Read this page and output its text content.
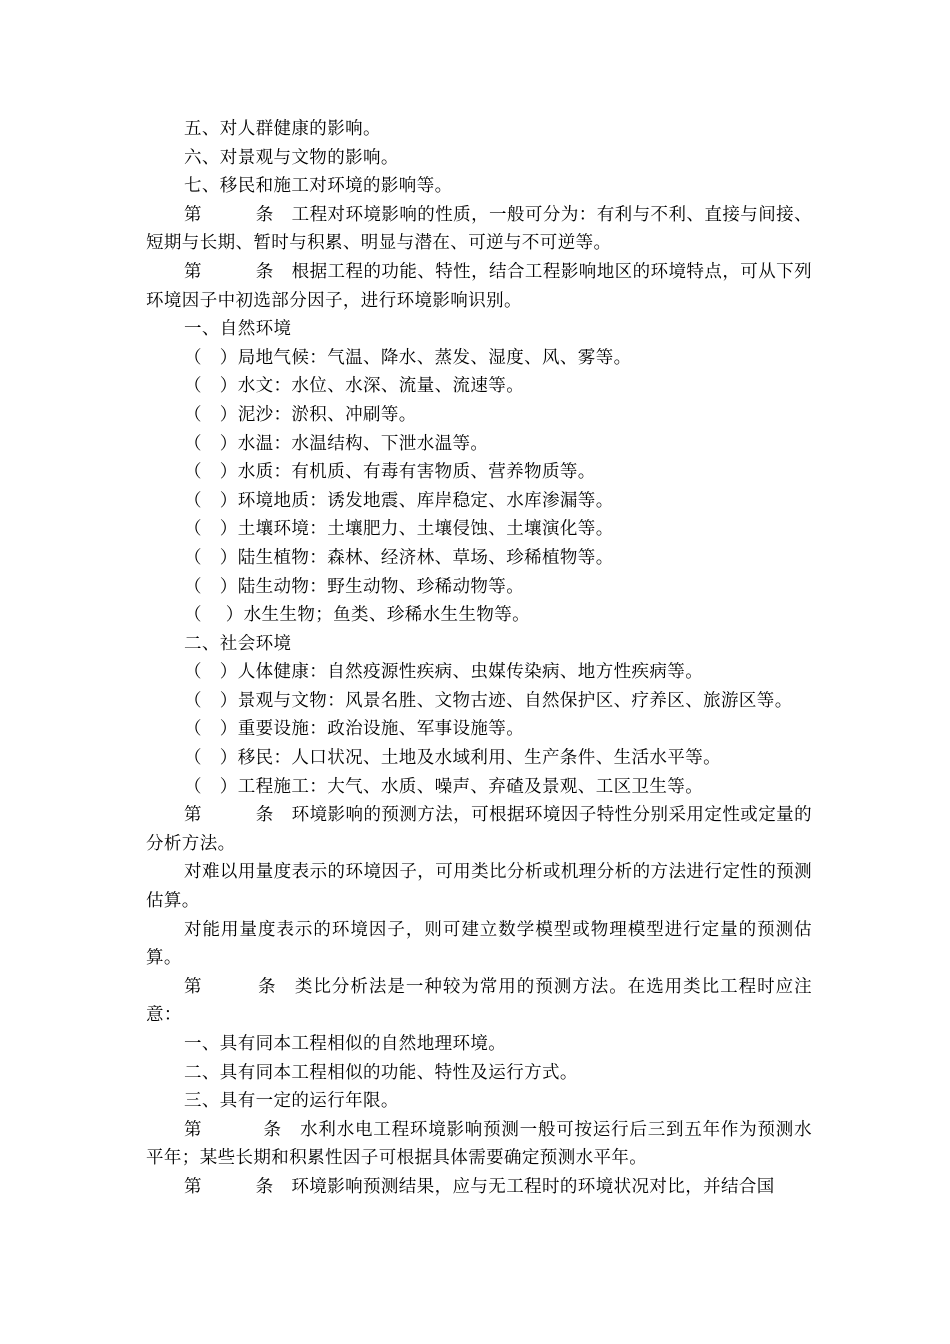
五、对人群健康的影响。

六、对景观与文物的影响。

七、移民和施工对环境的影响等。

第　　　条　工程对环境影响的性质，一般可分为：有利与不利、直接与间接、短期与长期、暂时与积累、明显与潜在、可逆与不可逆等。

第　　　条　根据工程的功能、特性，结合工程影响地区的环境特点，可从下列环境因子中初选部分因子，进行环境影响识别。

一、自然环境

（　）局地气候：气温、降水、蒸发、湿度、风、雾等。

（　）水文：水位、水深、流量、流速等。

（　）泥沙：淤积、冲刷等。

（　）水温：水温结构、下泄水温等。

（　）水质：有机质、有毒有害物质、营养物质等。

（　）环境地质：诱发地震、库岸稳定、水库渗漏等。

（　）土壤环境：土壤肥力、土壤侵蚀、土壤演化等。

（　）陆生植物：森林、经济林、草场、珍稀植物等。

（　）陆生动物：野生动物、珍稀动物等。

（　 ）水生生物；鱼类、珍稀水生生物等。

二、社会环境

（　）人体健康：自然疫源性疾病、虫媒传染病、地方性疾病等。

（　）景观与文物：风景名胜、文物古迹、自然保护区、疗养区、旅游区等。

（　）重要设施：政治设施、军事设施等。

（　）移民：人口状况、土地及水域利用、生产条件、生活水平等。

（　）工程施工：大气、水质、噪声、弃碴及景观、工区卫生等。

第　　　条　环境影响的预测方法，可根据环境因子特性分别采用定性或定量的分析方法。

对难以用量度表示的环境因子，可用类比分析或机理分析的方法进行定性的预测估算。

对能用量度表示的环境因子，则可建立数学模型或物理模型进行定量的预测估算。

第　　　条　类比分析法是一种较为常用的预测方法。在选用类比工程时应注意：

一、具有同本工程相似的自然地理环境。

二、具有同本工程相似的功能、特性及运行方式。

三、具有一定的运行年限。

第　　　 条　水利水电工程环境影响预测一般可按运行后三到五年作为预测水平年；某些长期和积累性因子可根据具体需要确定预测水平年。

第　　　条　环境影响预测结果，应与无工程时的环境状况对比，并结合国
